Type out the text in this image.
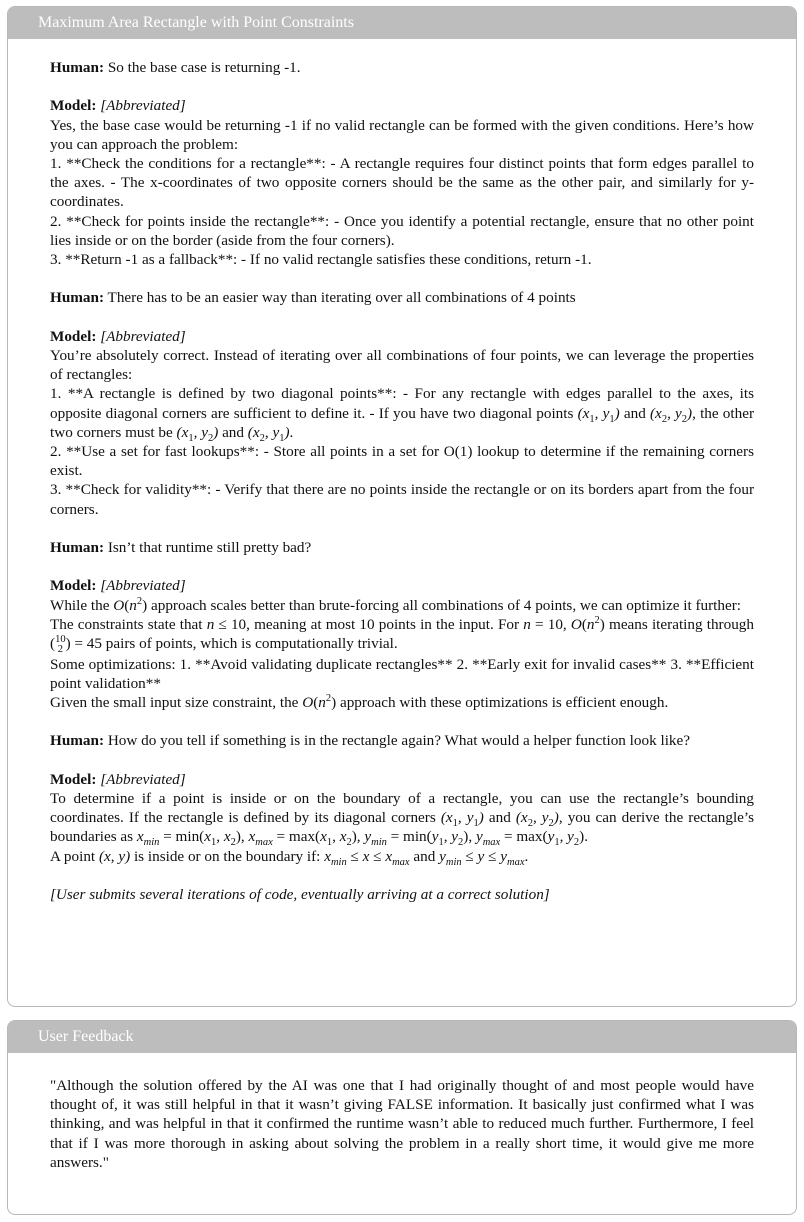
Maximum Area Rectangle with Point Constraints

Human: So the base case is returning -1.

Model: [Abbreviated]
Yes, the base case would be returning -1 if no valid rectangle can be formed with the given conditions. Here’s how you can approach the problem:
1. **Check the conditions for a rectangle**: - A rectangle requires four distinct points that form edges parallel to the axes. - The x-coordinates of two opposite corners should be the same as the other pair, and similarly for y-coordinates.
2. **Check for points inside the rectangle**: - Once you identify a potential rectangle, ensure that no other point lies inside or on the border (aside from the four corners).
3. **Return -1 as a fallback**: - If no valid rectangle satisfies these conditions, return -1.

Human: There has to be an easier way than iterating over all combinations of 4 points

Model: [Abbreviated]
You’re absolutely correct. Instead of iterating over all combinations of four points, we can leverage the properties of rectangles:
1. **A rectangle is defined by two diagonal points**: - For any rectangle with edges parallel to the axes, its opposite diagonal corners are sufficient to define it. - If you have two diagonal points ($x_1$, $y_1$) and ($x_2$, $y_2$), the other two corners must be ($x_1$, $y_2$) and ($x_2$, $y_1$).
2. **Use a set for fast lookups**: - Store all points in a set for O(1) lookup to determine if the remaining corners exist.
3. **Check for validity**: - Verify that there are no points inside the rectangle or on its borders apart from the four corners.

Human: Isn’t that runtime still pretty bad?

Model: [Abbreviated]
While the $O(n^2)$ approach scales better than brute-forcing all combinations of 4 points, we can optimize it further:
The constraints state that n ≤ 10, meaning at most 10 points in the input. For n = 10, $O(n^2)$ means iterating through (10
2 ) = 45 pairs of points, which is computationally trivial.
Some optimizations: 1. **Avoid validating duplicate rectangles** 2. **Early exit for invalid cases** 3. **Efficient point validation**
Given the small input size constraint, the $O(n^2)$ approach with these optimizations is efficient enough.

Human: How do you tell if something is in the rectangle again? What would a helper function look like?

Model: [Abbreviated]
To determine if a point is inside or on the boundary of a rectangle, you can use the rectangle’s bounding coordinates. If the rectangle is defined by its diagonal corners ($x_1$, $y_1$) and ($x_2$, $y_2$), you can derive the rectangle’s boundaries as $x_{min} = \min(x_1$, $x_2$), $x_{max} = \max(x_1$, $x_2$), $y_{min} = \min(y_1$, $y_2$), $y_{max} = \max(y_1$, $y_2$).
A point (x, y) is inside or on the boundary if: $x_{min} \le x \le x_{max}$ and $y_{min} \le y \le y_{max}$.

[User submits several iterations of code, eventually arriving at a correct solution]

User Feedback
"Although the solution offered by the AI was one that I had originally thought of and most people would have thought of, it was still helpful in that it wasn’t giving FALSE information. It basically just confirmed what I was thinking, and was helpful in that it confirmed the runtime wasn’t able to reduced much further. Furthermore, I feel that if I was more thorough in asking about solving the problem in a really short time, it would give me more answers."
